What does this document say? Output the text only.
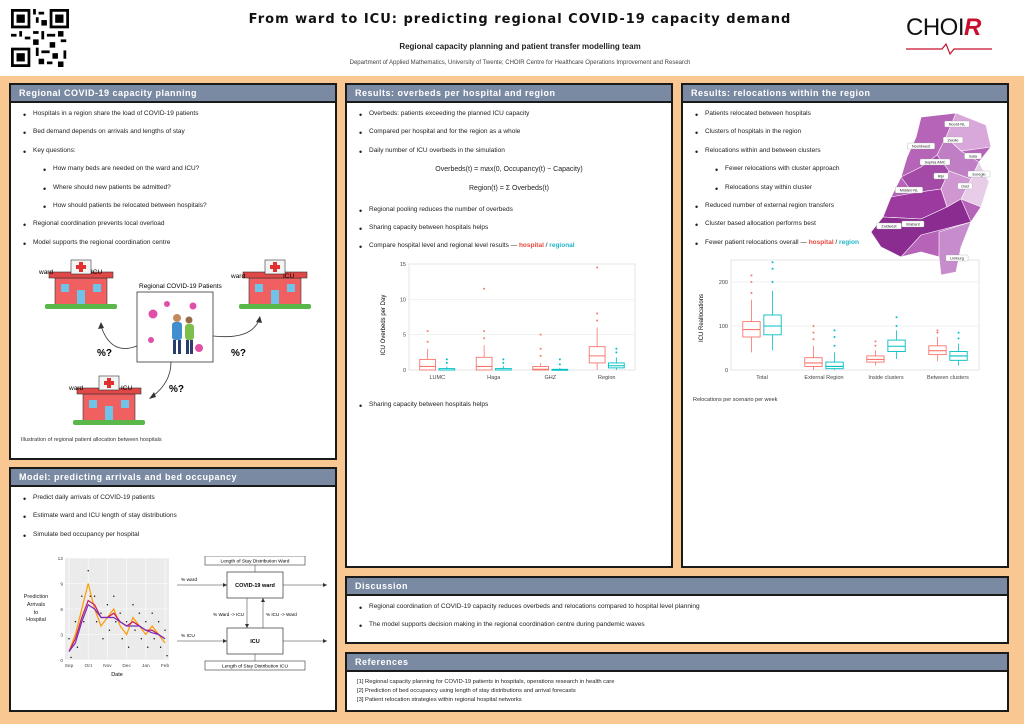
From ward to ICU: predicting regional COVID-19 capacity demand
Regional capacity planning and patient transfer modelling team
Department of Applied Mathematics, University of Twente; CHOIR Centre for Healthcare Operations Improvement and Research
CHOIR
Regional COVID-19 capacity planning
• Hospitals in a region share the load of COVID-19 patients
• Bed demand depends on arrivals and lengths of stay
• Key questions:
• How many beds are needed on the ward and ICU?
• Where should new patients be admitted?
• How should patients be relocated between hospitals?
• Regional coordination prevents local overload
• Model supports the regional coordination centre
ward	ICU
ward	ICU
ward	ICU
Regional COVID-19 Patients
%?	%?
%?
Illustration of regional patient allocation between hospitals
Model: predicting arrivals and bed occupancy
• Predict daily arrivals of COVID-19 patients
• Estimate ward and ICU length of stay distributions
• Simulate bed occupancy per hospital
Prediction
Arrivals
to
Hospital
0
3
6
9
12
Sep Oct Nov Dec Jan Feb
Date
Length of Stay Distribution Ward
COVID-19 ward
ICU
Length of Stay Distribution ICU
% ward
% ICU
% Ward -> ICU	% ICU -> Ward
Results: overbeds per hospital and region
• Overbeds: patients exceeding the planned ICU capacity
• Compared per hospital and for the region as a whole
• Daily number of ICU overbeds in the simulation
Overbeds(t) = max(0, Occupancy(t) − Capacity)
Region(t) = Σ Overbeds(t)
• Regional pooling reduces the number of overbeds
• Sharing capacity between hospitals helps
• Compare hospital level and regional level results — hospital / regional
ICU Overbeds per Day
0
5
10
15
LUMC	Haga	GHZ	Region
• Sharing capacity between hospitals helps
Results: relocations within the region
• Patients relocated between hospitals
• Clusters of hospitals in the region
• Relocations within and between clusters
• Fewer relocations with cluster approach
• Relocations stay within cluster
Noord-NL
Noordwest
Oost
Zwolle
Isala
Euregio
Rijn
Zuidwest
Limburg
Brabant
Midden-NL
Sophia AMC
• Reduced number of external region transfers
• Cluster based allocation performs best
• Fewer patient relocations overall — hospital / region
ICU Reallocations
0
100
200
Total	External Region	Inside clusters	Between clusters
Relocations per scenario per week
Discussion
• Regional coordination of COVID-19 capacity reduces overbeds and relocations compared to hospital level planning
• The model supports decision making in the regional coordination centre during pandemic waves
References
[1] Regional capacity planning for COVID-19 patients in hospitals, operations research in health care
[2] Prediction of bed occupancy using length of stay distributions and arrival forecasts
[3] Patient relocation strategies within regional hospital networks
